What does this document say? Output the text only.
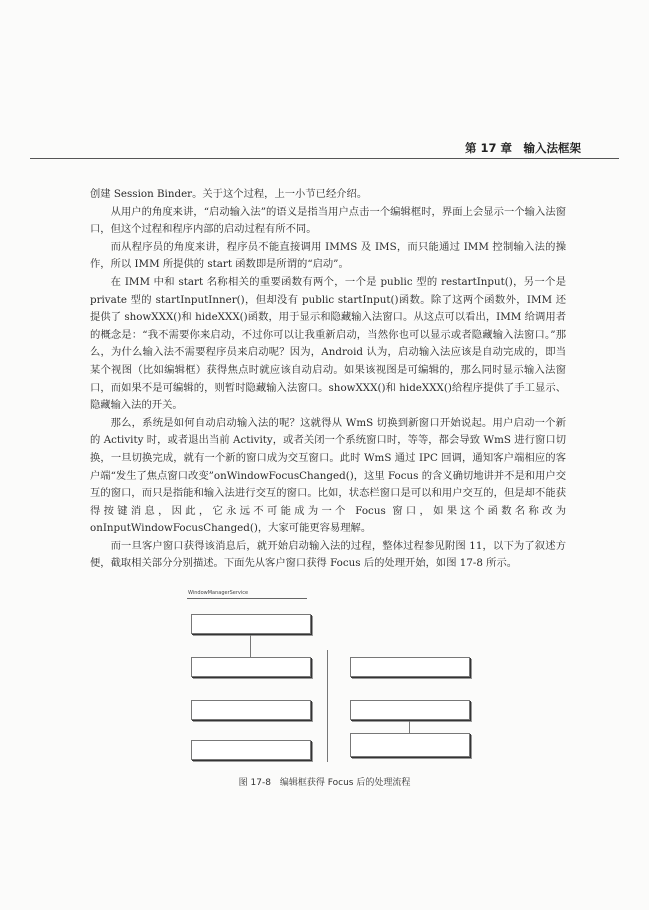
第 17 章　输入法框架

创建 Session Binder。关于这个过程，上一小节已经介绍。

从用户的角度来讲，“启动输入法”的语义是指当用户点击一个编辑框时，界面上会显示一个输入法窗口，但这个过程和程序内部的启动过程有所不同。

而从程序员的角度来讲，程序员不能直接调用 IMMS 及 IMS，而只能通过 IMM 控制输入法的操作，所以 IMM 所提供的 start 函数即是所谓的“启动”。

在 IMM 中和 start 名称相关的重要函数有两个，一个是 public 型的 restartInput()，另一个是 private 型的 startInputInner()，但却没有 public startInput()函数。除了这两个函数外，IMM 还提供了 showXXX()和 hideXXX()函数，用于显示和隐藏输入法窗口。从这点可以看出，IMM 给调用者的概念是：“我不需要你来启动，不过你可以让我重新启动，当然你也可以显示或者隐藏输入法窗口。”那么，为什么输入法不需要程序员来启动呢？因为，Android 认为，启动输入法应该是自动完成的，即当某个视图（比如编辑框）获得焦点时就应该自动启动。如果该视图是可编辑的，那么同时显示输入法窗口，而如果不是可编辑的，则暂时隐藏输入法窗口。showXXX()和 hideXXX()给程序提供了手工显示、隐藏输入法的开关。

那么，系统是如何自动启动输入法的呢？这就得从 WmS 切换到新窗口开始说起。用户启动一个新的 Activity 时，或者退出当前 Activity，或者关闭一个系统窗口时，等等，都会导致 WmS 进行窗口切换，一旦切换完成，就有一个新的窗口成为交互窗口。此时 WmS 通过 IPC 回调，通知客户端相应的客户端“发生了焦点窗口改变”onWindowFocusChanged()，这里 Focus 的含义确切地讲并不是和用户交互的窗口，而只是指能和输入法进行交互的窗口。比如，状态栏窗口是可以和用户交互的，但是却不能获得按键消息，因此，它永远不可能成为一个 Focus 窗口，如果这个函数名称改为 onInputWindowFocusChanged()，大家可能更容易理解。

而一旦客户窗口获得该消息后，就开始启动输入法的过程，整体过程参见附图 11，以下为了叙述方便，截取相关部分分别描述。下面先从客户窗口获得 Focus 后的处理开始，如图 17-8 所示。

WindowManagerService
图 17-8　编辑框获得 Focus 后的处理流程
